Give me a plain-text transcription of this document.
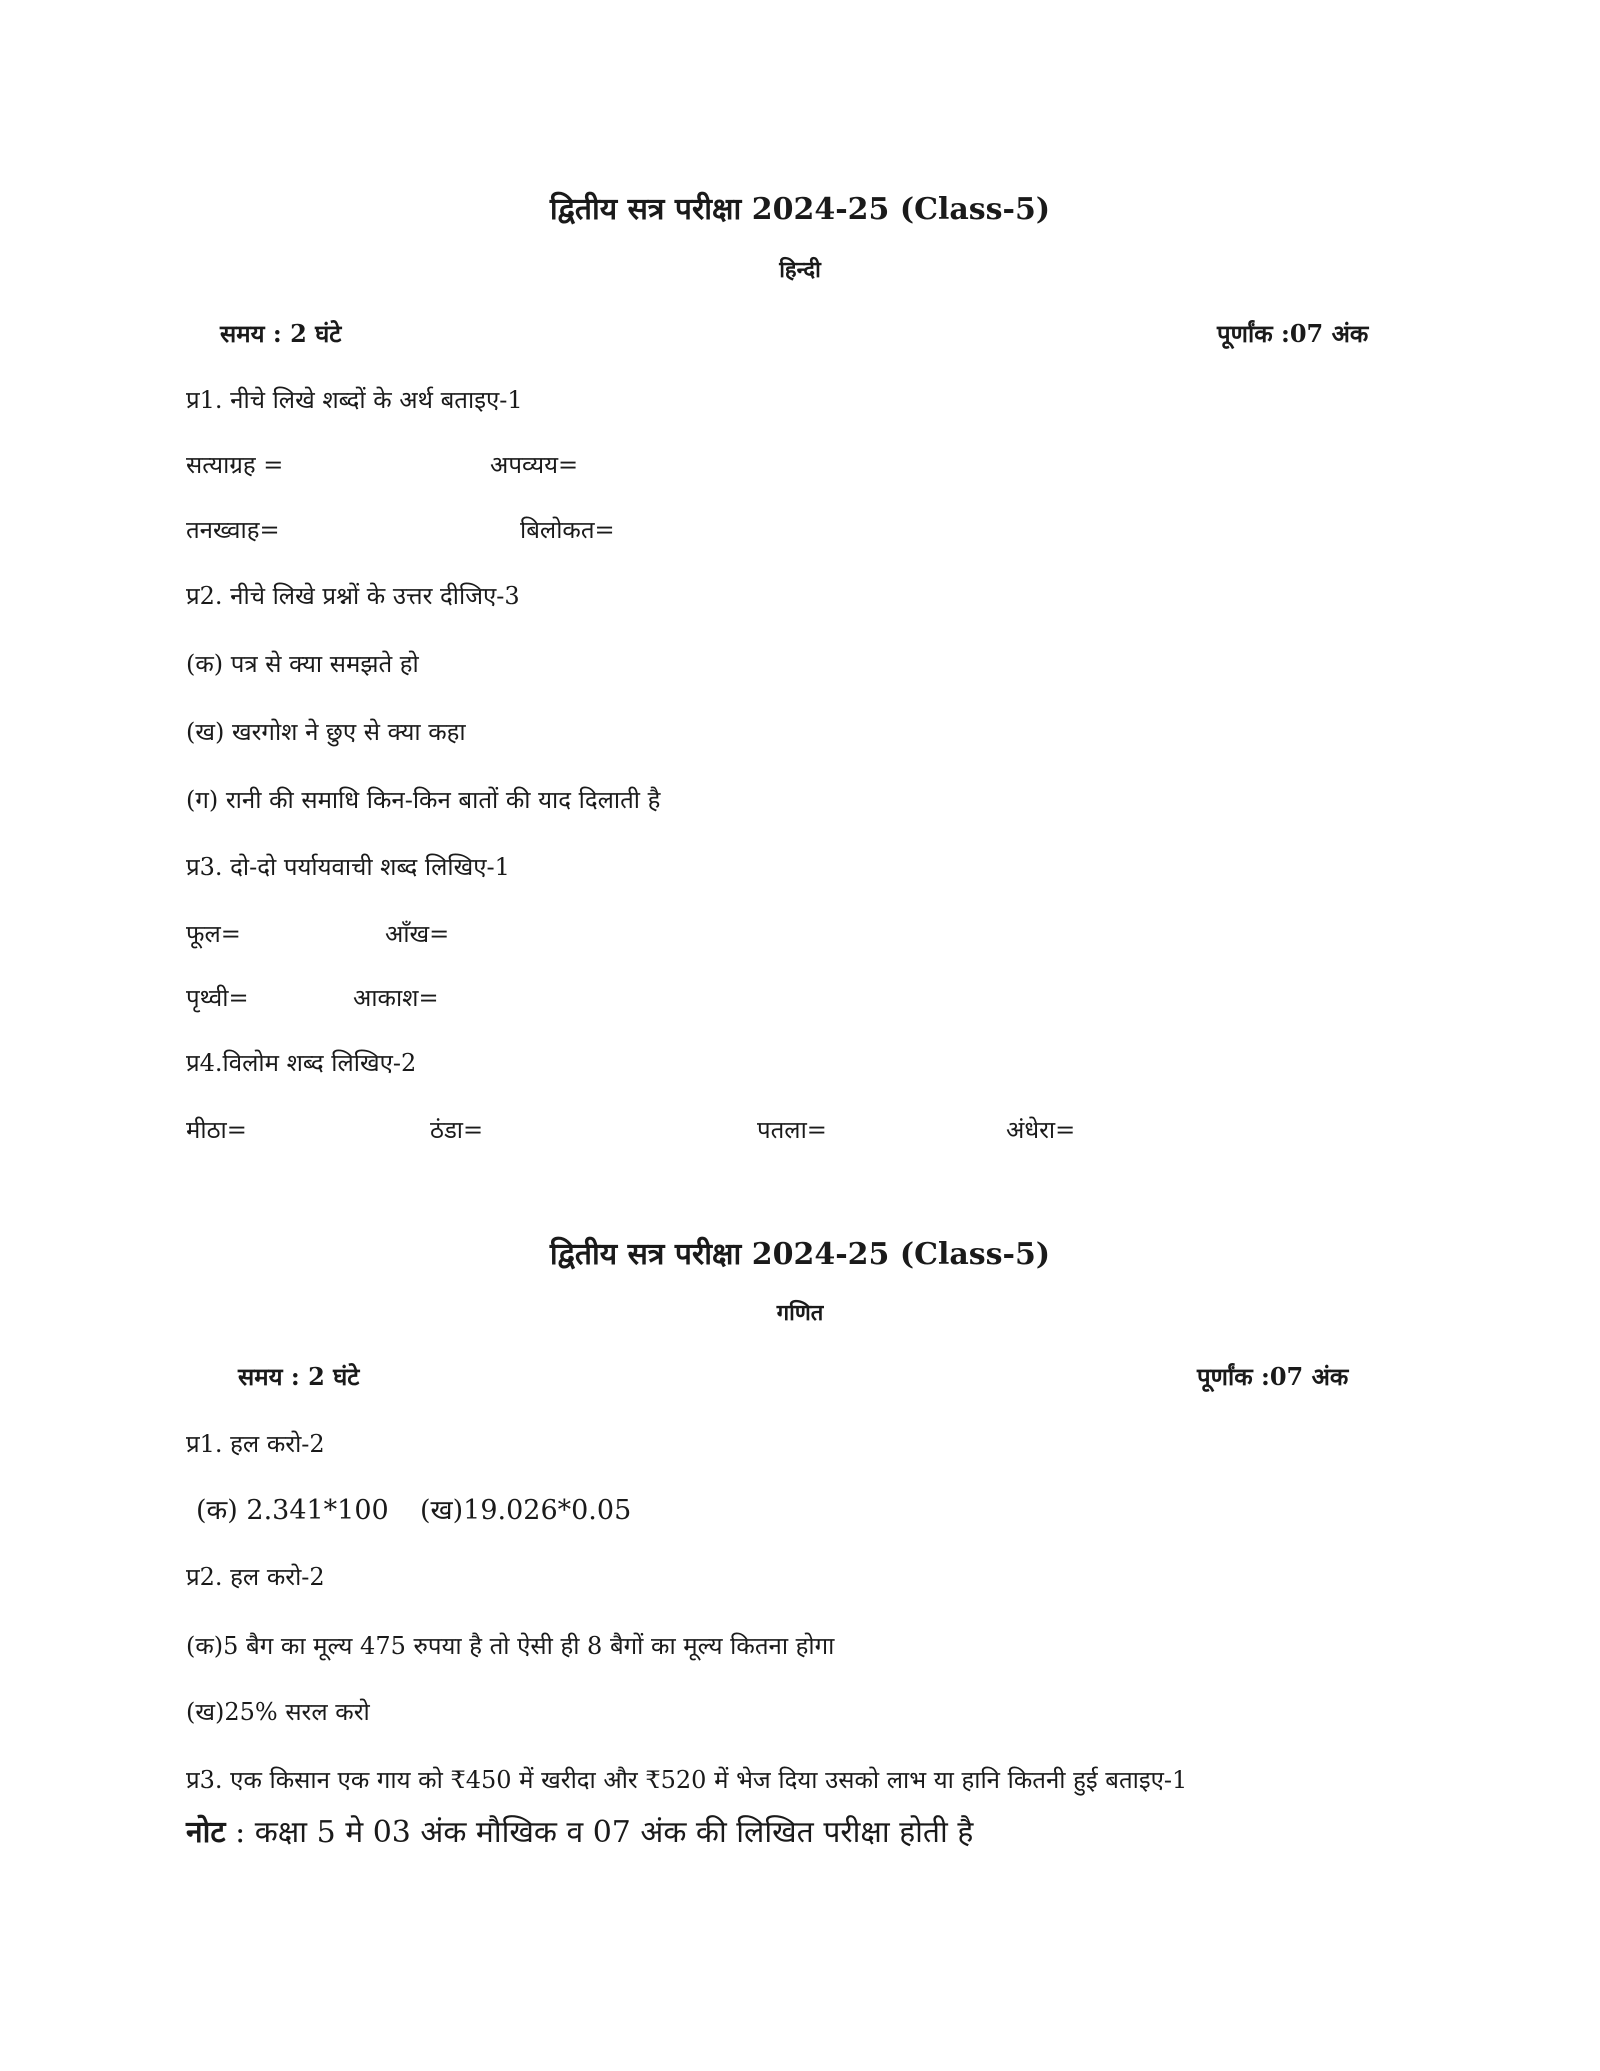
द्वितीय सत्र परीक्षा 2024-25 (Class-5)
हिन्दी
समय : 2 घंटे	पूर्णांक :07 अंक
प्र1. नीचे लिखे शब्दों के अर्थ बताइए-1
सत्याग्रह =	अपव्यय=
तनख्वाह=	बिलोकत=
प्र2. नीचे लिखे प्रश्नों के उत्तर दीजिए-3
(क) पत्र से क्या समझते हो
(ख) खरगोश ने छुए से क्या कहा
(ग) रानी की समाधि किन-किन बातों की याद दिलाती है
प्र3. दो-दो पर्यायवाची शब्द लिखिए-1
फूल=	आँख=
पृथ्वी=	आकाश=
प्र4.विलोम शब्द लिखिए-2
मीठा=	ठंडा=	पतला=	अंधेरा=
द्वितीय सत्र परीक्षा 2024-25 (Class-5)
गणित
समय : 2 घंटे	पूर्णांक :07 अंक
प्र1. हल करो-2
(क) 2.341*100 (ख)19.026*0.05
प्र2. हल करो-2
(क)5 बैग का मूल्य 475 रुपया है तो ऐसी ही 8 बैगों का मूल्य कितना होगा
(ख)25% सरल करो
प्र3. एक किसान एक गाय को ₹450 में खरीदा और ₹520 में भेज दिया उसको लाभ या हानि कितनी हुई बताइए-1
नोट : कक्षा 5 मे 03 अंक मौखिक व 07 अंक की लिखित परीक्षा होती है
